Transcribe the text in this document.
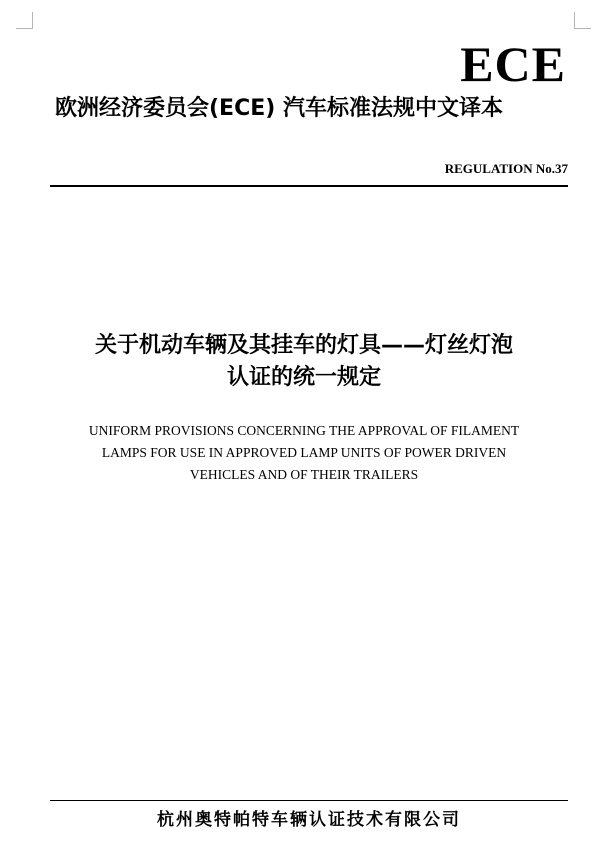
ECE
欧洲经济委员会(ECE) 汽车标准法规中文译本
REGULATION No.37
关于机动车辆及其挂车的灯具——灯丝灯泡
认证的统一规定
UNIFORM PROVISIONS CONCERNING THE APPROVAL OF FILAMENT
LAMPS FOR USE IN APPROVED LAMP UNITS OF POWER DRIVEN
VEHICLES AND OF THEIR TRAILERS
杭州奥特帕特车辆认证技术有限公司
